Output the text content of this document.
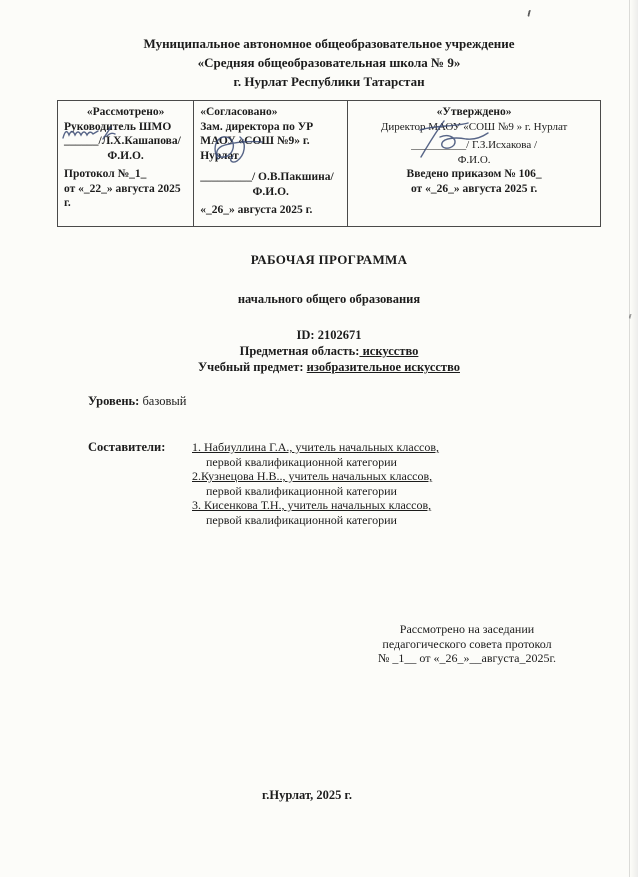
Муниципальное автономное общеобразовательное учреждение
«Средняя общеобразовательная школа № 9»
г. Нурлат Республики Татарстан
«Рассмотрено»
Руководитель ШМО
______/Л.Х.Кашапова/
Ф.И.О.
Протокол №_1_
от «_22_» августа 2025 г.

«Согласовано»
Зам. директора по УР
МАОУ «СОШ №9» г. Нурлат
_________/ О.В.Пакшина/
Ф.И.О.
«_26_» августа 2025 г.

«Утверждено»
Директор МАОУ «СОШ №9 » г. Нурлат
__________/ Г.З.Исхакова /
Ф.И.О.
Введено приказом № 106_
от «_26_» августа 2025 г.
РАБОЧАЯ ПРОГРАММА
начального общего образования
ID: 2102671
Предметная область: искусство
Учебный предмет: изобразительное искусство
Уровень: базовый
Составители:	1. Набиуллина Г.А., учитель начальных классов,
первой квалификационной категории
2.Кузнецова Н.В.., учитель начальных классов,
первой квалификационной категории
3. Кисенкова Т.Н., учитель начальных классов,
первой квалификационной категории
Рассмотрено на заседании
педагогического совета протокол
№ _1__ от «_26_»__августа_2025г.
г.Нурлат, 2025 г.
